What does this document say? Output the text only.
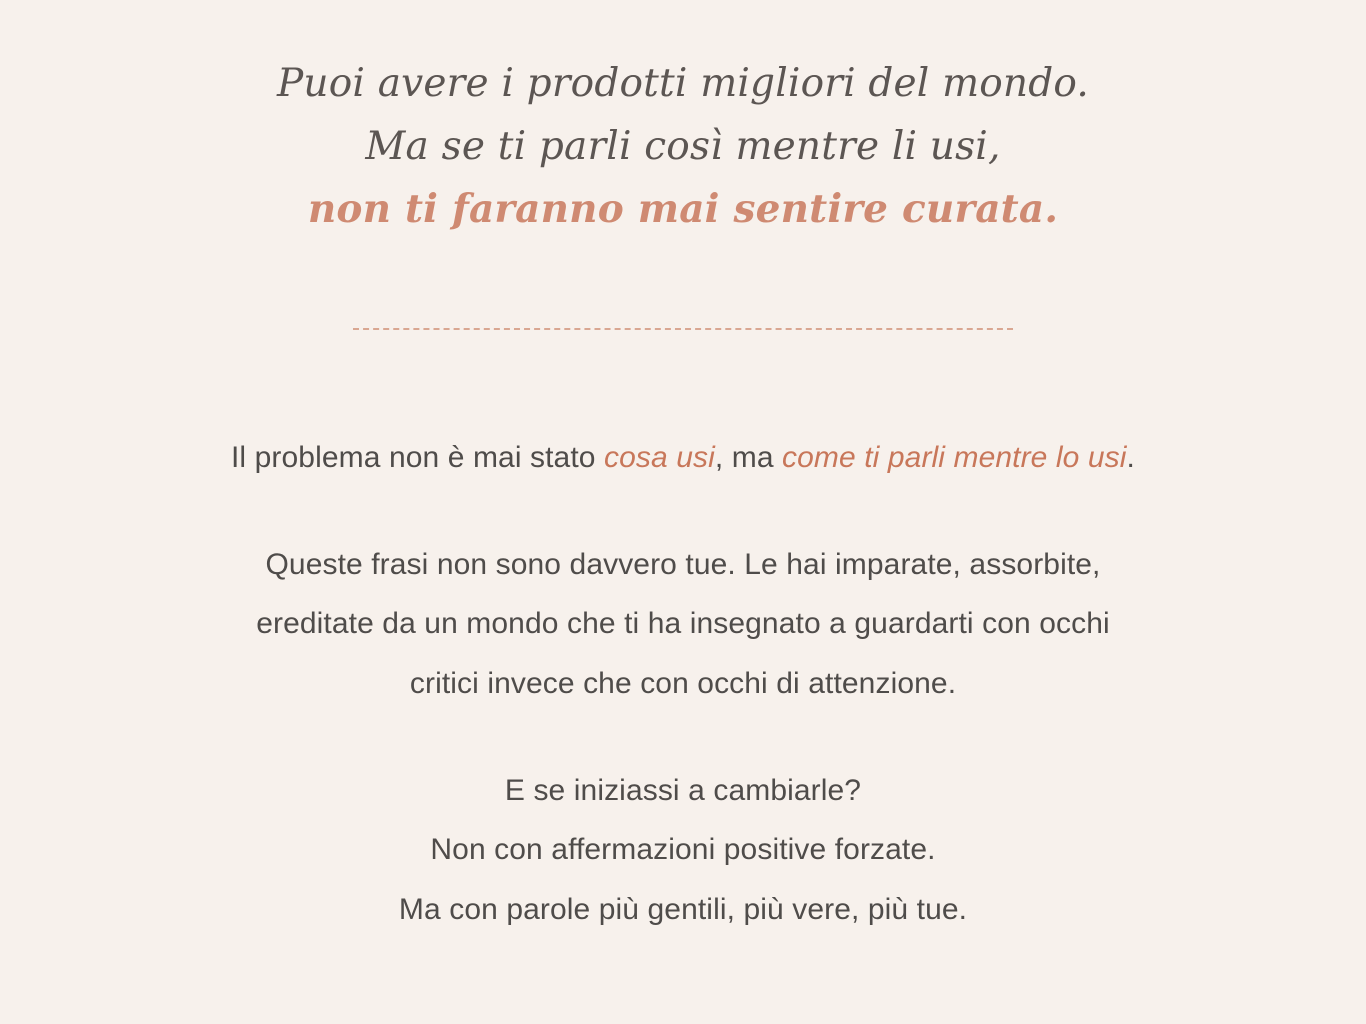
Puoi avere i prodotti migliori del mondo.
Ma se ti parli così mentre li usi,
non ti faranno mai sentire curata.

Il problema non è mai stato cosa usi, ma come ti parli mentre lo usi.

Queste frasi non sono davvero tue. Le hai imparate, assorbite,
ereditate da un mondo che ti ha insegnato a guardarti con occhi
critici invece che con occhi di attenzione.

E se iniziassi a cambiarle?
Non con affermazioni positive forzate.
Ma con parole più gentili, più vere, più tue.
